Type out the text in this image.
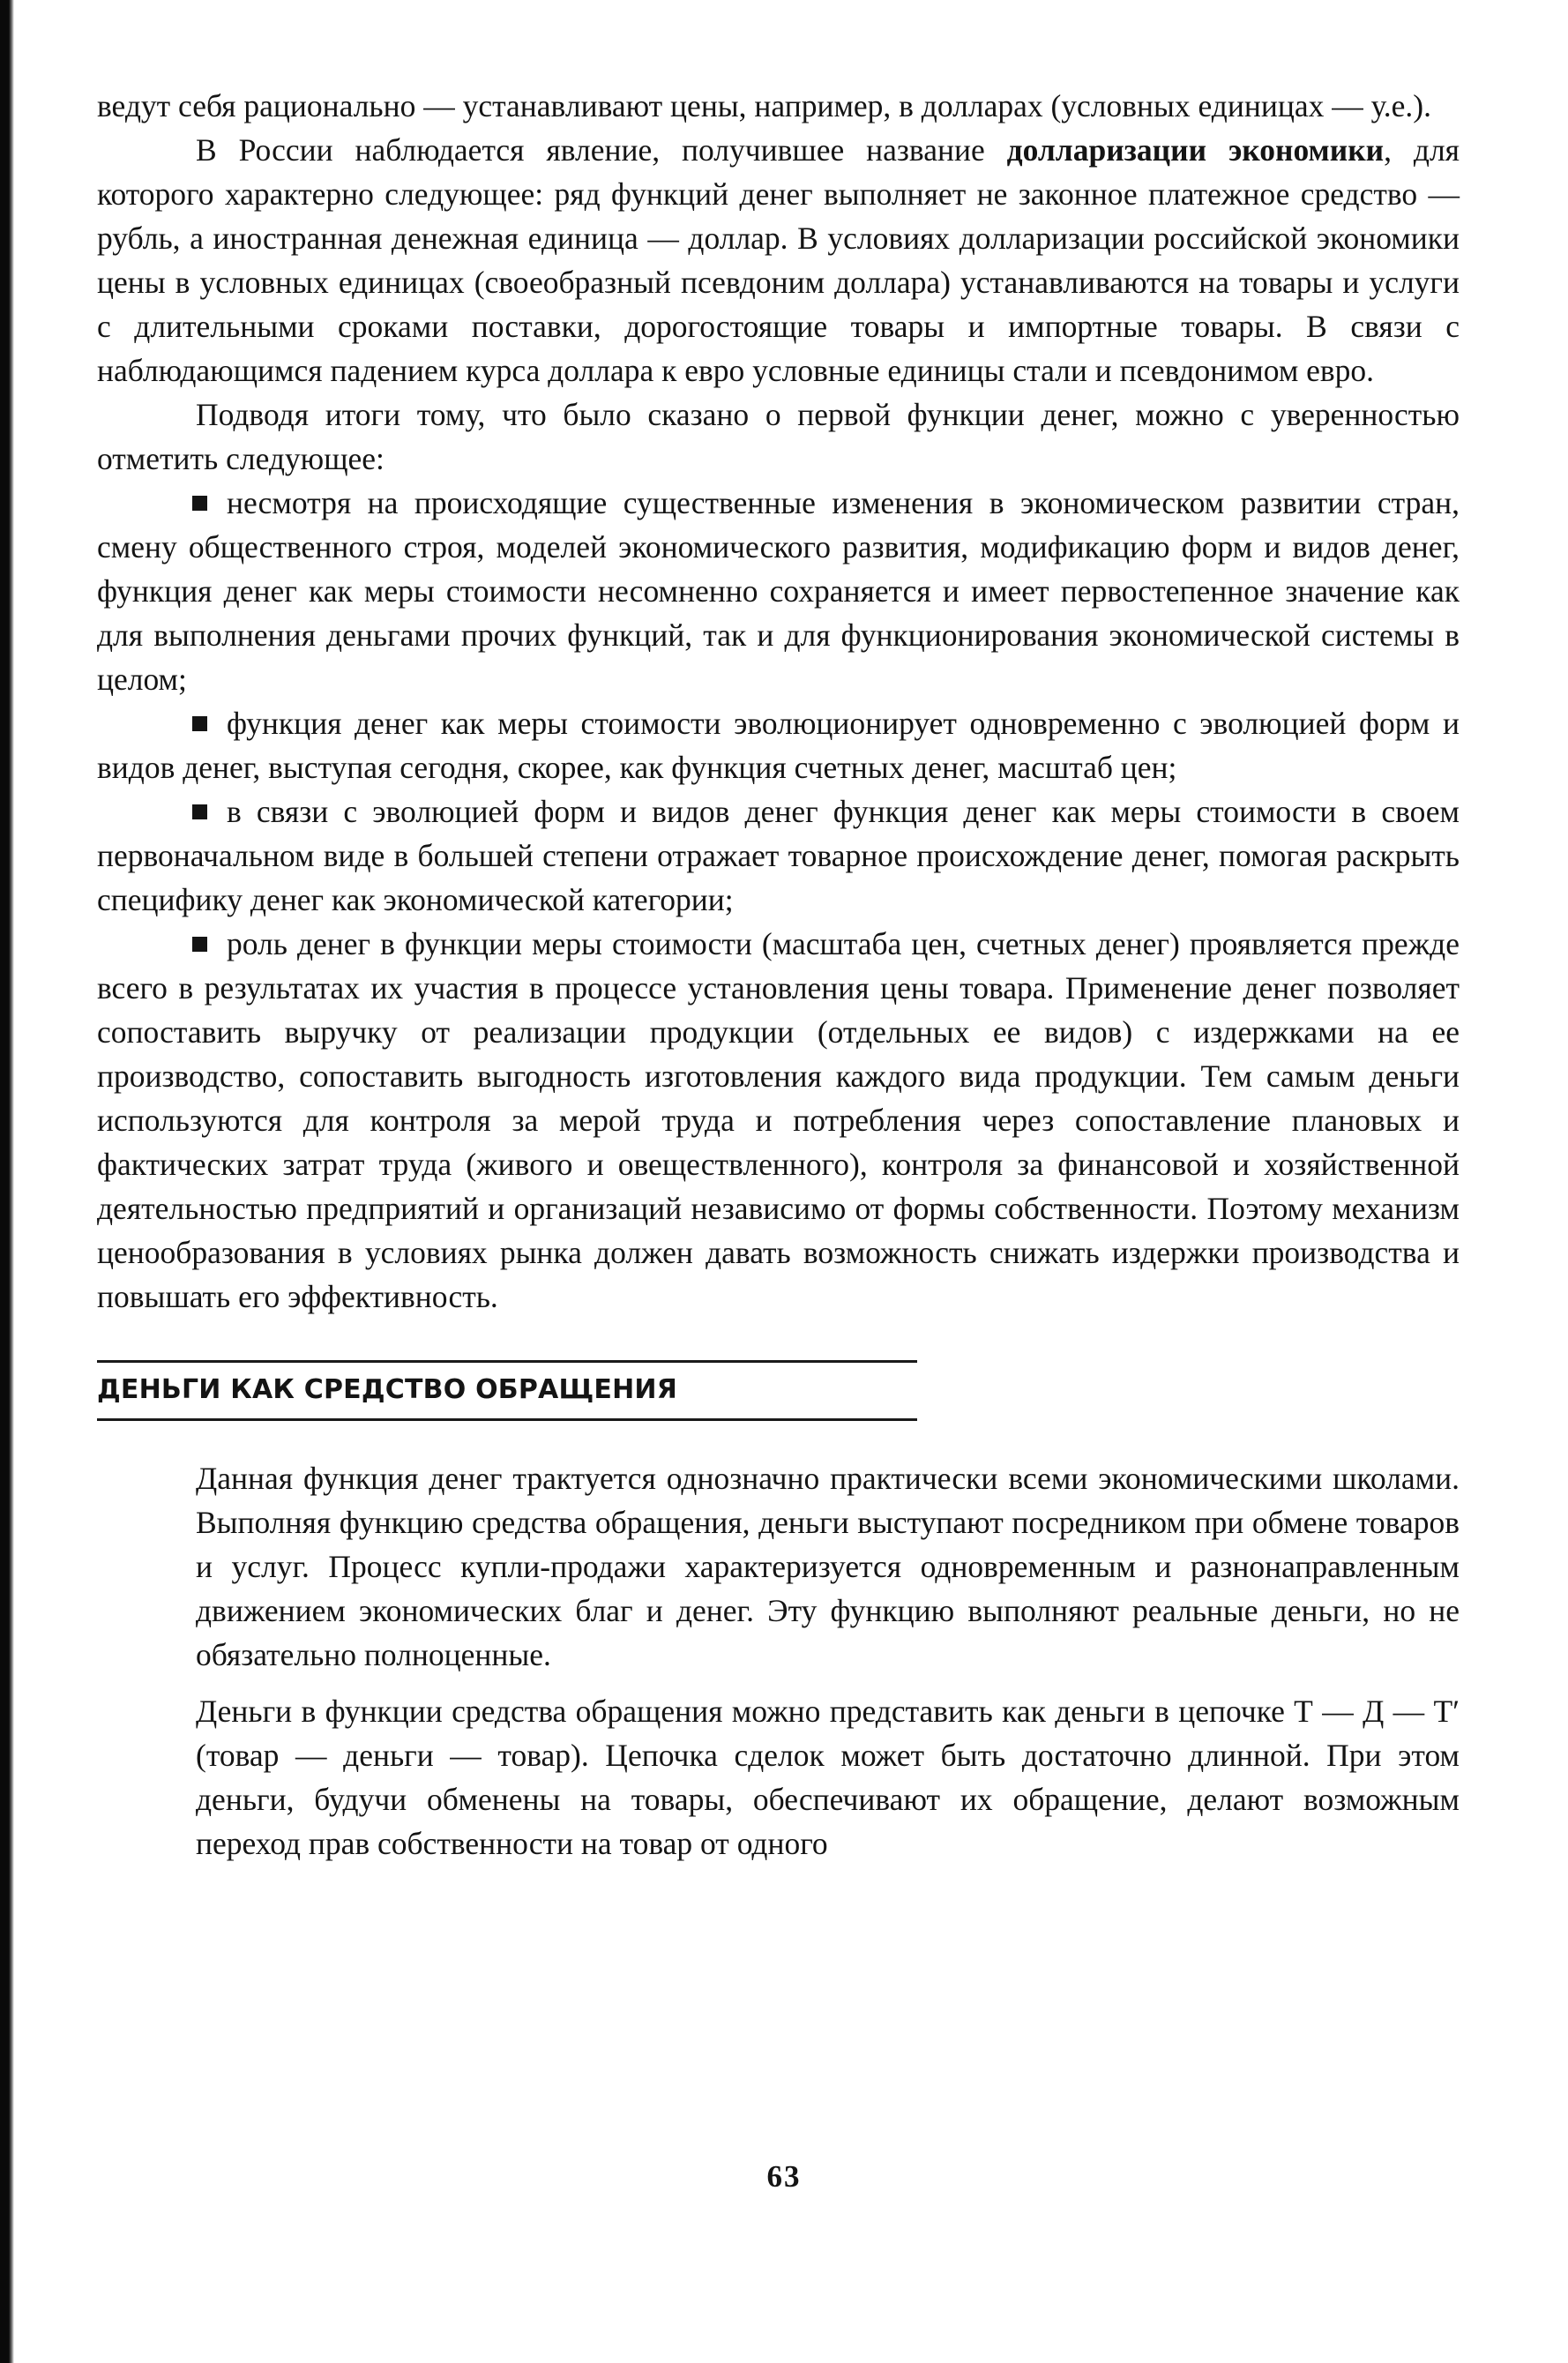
ведут себя рационально — устанавливают цены, например, в долларах (условных единицах — у.е.).

В России наблюдается явление, получившее название долларизации экономики, для которого характерно следующее: ряд функций денег выполняет не законное платежное средство — рубль, а иностранная денежная единица — доллар. В условиях долларизации российской экономики цены в условных единицах (своеобразный псевдоним доллара) устанавливаются на товары и услуги с длительными сроками поставки, дорогостоящие товары и импортные товары. В связи с наблюдающимся падением курса доллара к евро условные единицы стали и псевдонимом евро.

Подводя итоги тому, что было сказано о первой функции денег, можно с уверенностью отметить следующее:

несмотря на происходящие существенные изменения в экономическом развитии стран, смену общественного строя, моделей экономического развития, модификацию форм и видов денег, функция денег как меры стоимости несомненно сохраняется и имеет первостепенное значение как для выполнения деньгами прочих функций, так и для функционирования экономической системы в целом;

функция денег как меры стоимости эволюционирует одновременно с эволюцией форм и видов денег, выступая сегодня, скорее, как функция счетных денег, масштаб цен;

в связи с эволюцией форм и видов денег функция денег как меры стоимости в своем первоначальном виде в большей степени отражает товарное происхождение денег, помогая раскрыть специфику денег как экономической категории;

роль денег в функции меры стоимости (масштаба цен, счетных денег) проявляется прежде всего в результатах их участия в процессе установления цены товара. Применение денег позволяет сопоставить выручку от реализации продукции (отдельных ее видов) с издержками на ее производство, сопоставить выгодность изготовления каждого вида продукции. Тем самым деньги используются для контроля за мерой труда и потребления через сопоставление плановых и фактических затрат труда (живого и овеществленного), контроля за финансовой и хозяйственной деятельностью предприятий и организаций независимо от формы собственности. Поэтому механизм ценообразования в условиях рынка должен давать возможность снижать издержки производства и повышать его эффективность.

ДЕНЬГИ КАК СРЕДСТВО ОБРАЩЕНИЯ

Данная функция денег трактуется однозначно практически всеми экономическими школами. Выполняя функцию средства обращения, деньги выступают посредником при обмене товаров и услуг. Процесс купли-продажи характеризуется одновременным и разнонаправленным движением экономических благ и денег. Эту функцию выполняют реальные деньги, но не обязательно полноценные.

Деньги в функции средства обращения можно представить как деньги в цепочке Т — Д — Т′ (товар — деньги — товар). Цепочка сделок может быть достаточно длинной. При этом деньги, будучи обменены на товары, обеспечивают их обращение, делают возможным переход прав собственности на товар от одного

63
